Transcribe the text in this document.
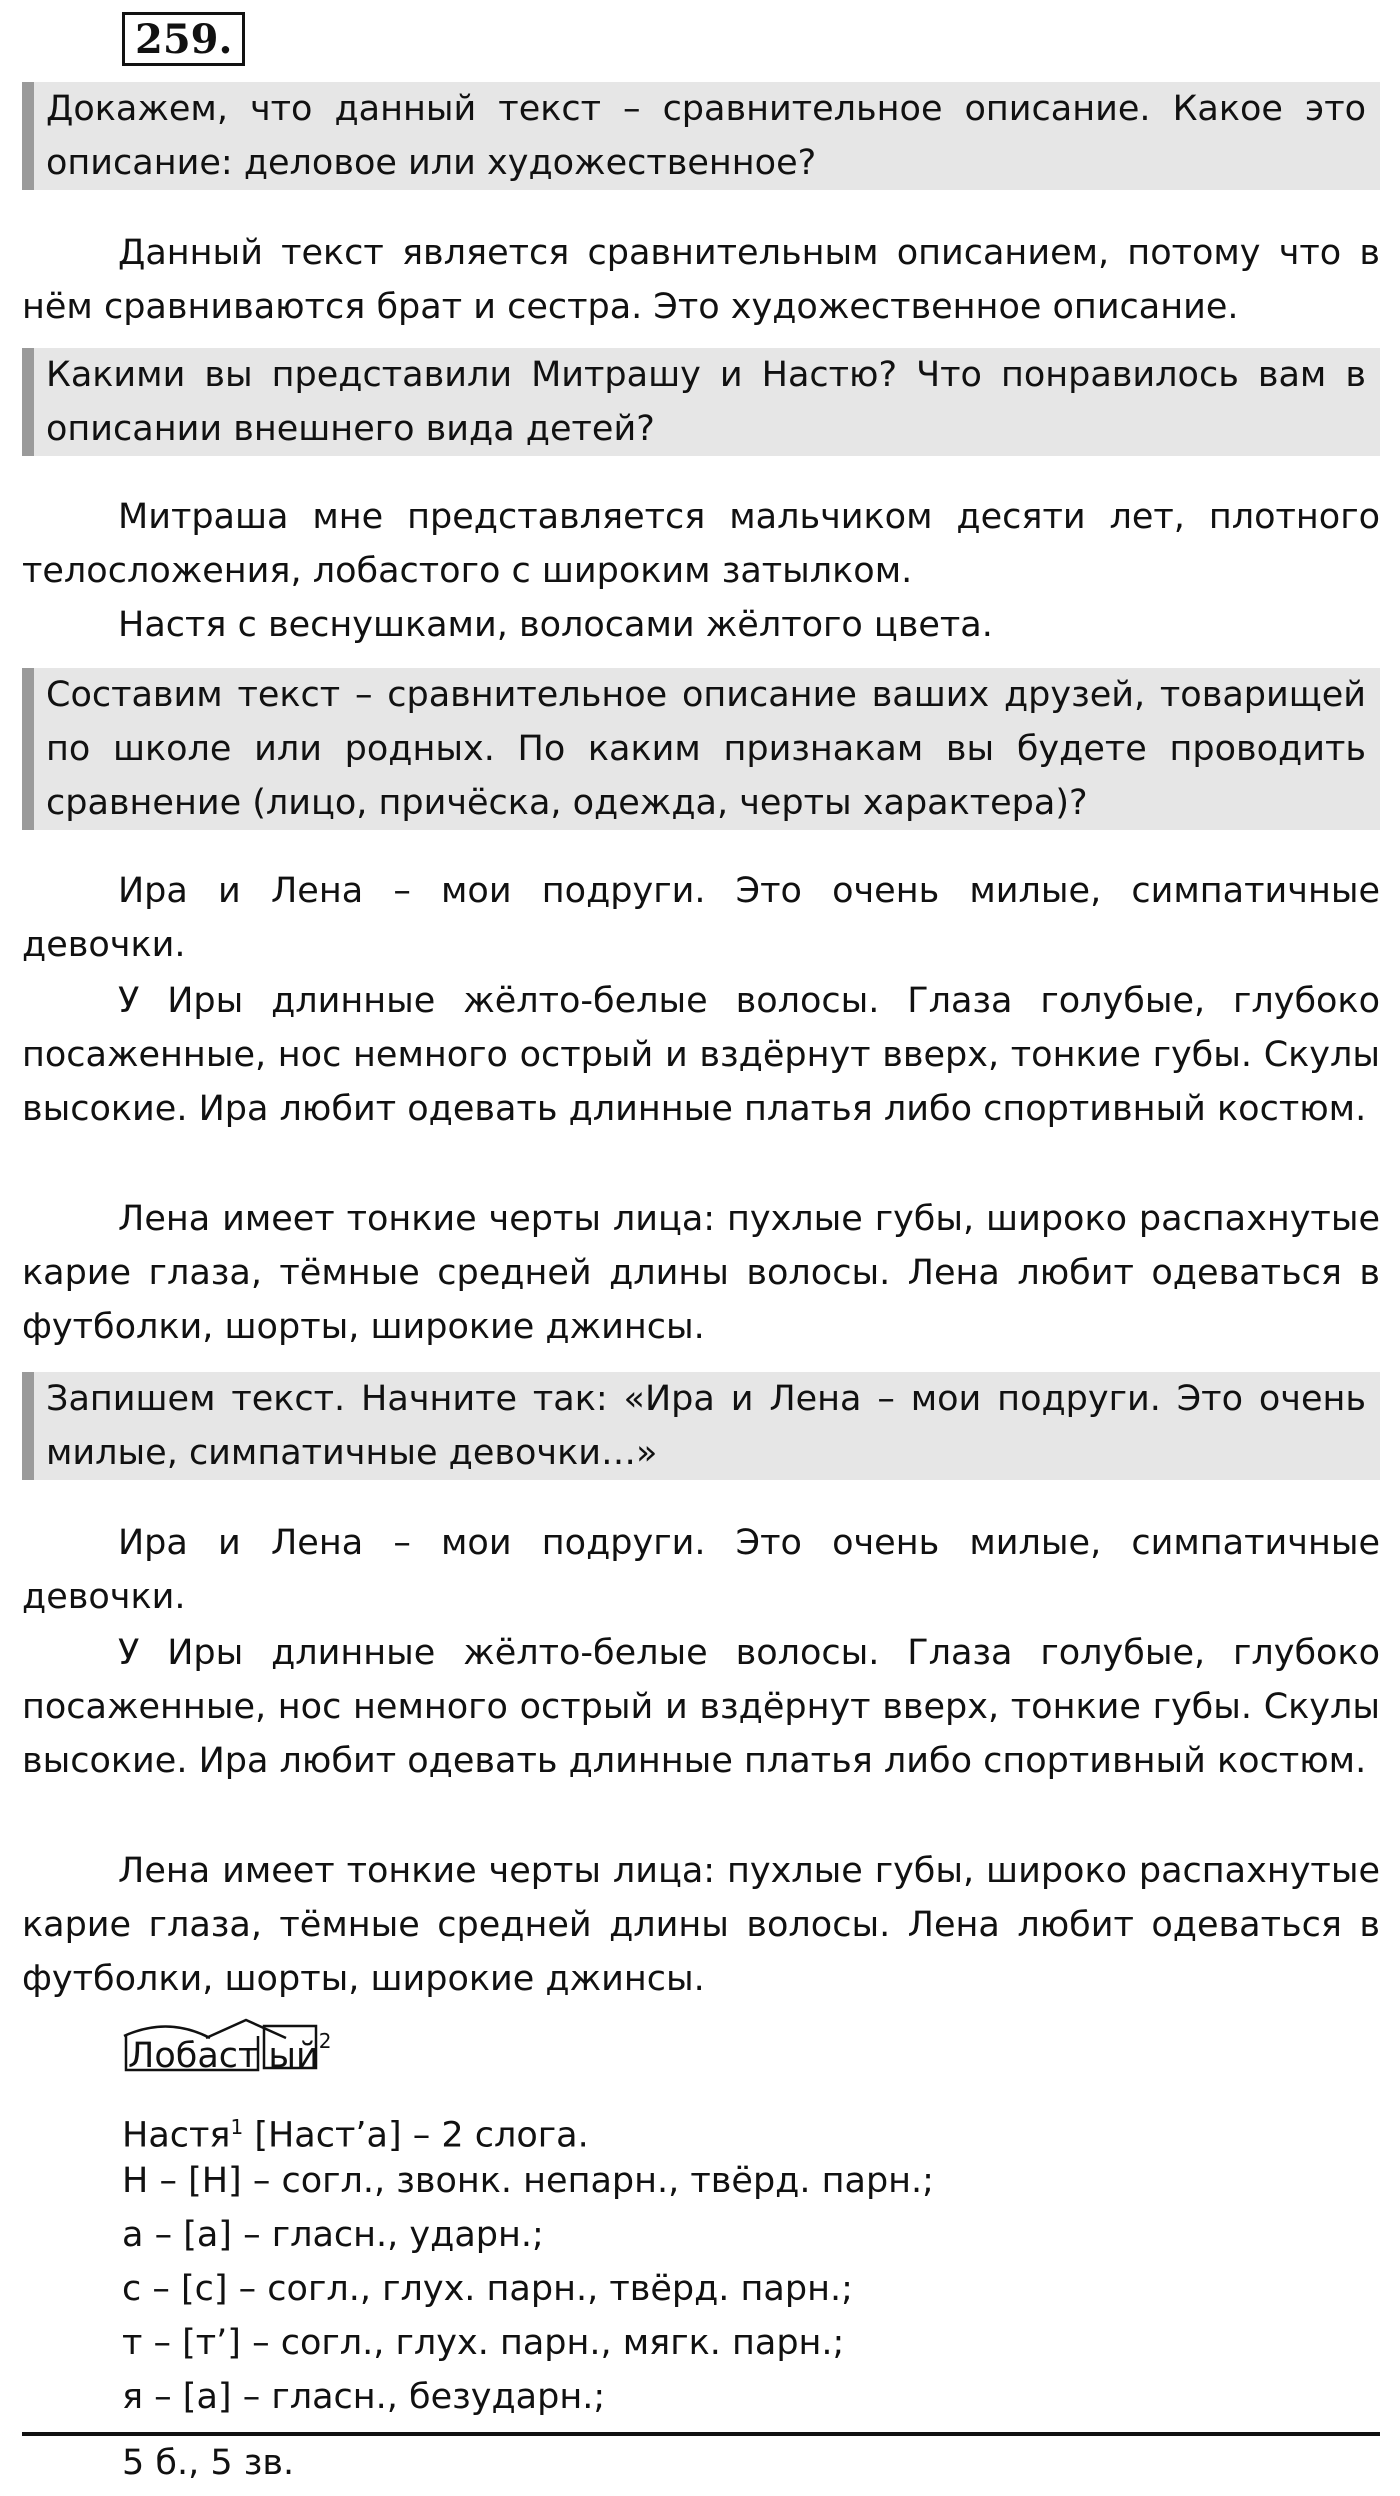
259.
Докажем, что данный текст – сравнительное описание. Какое это описание: деловое или художественное?

Данный текст является сравнительным описанием, потому что в нём сравниваются брат и сестра. Это художественное описание.

Какими вы представили Митрашу и Настю? Что понравилось вам в описании внешнего вида детей?

Митраша мне представляется мальчиком десяти лет, плотного телосложения, лобастого с широким затылком.

Настя с веснушками, волосами жёлтого цвета.

Составим текст – сравнительное описание ваших друзей, товарищей по школе или родных. По каким признакам вы будете проводить сравнение (лицо, причёска, одежда, черты характера)?

Ира и Лена – мои подруги. Это очень милые, симпатичные девочки.

У Иры длинные жёлто-белые волосы. Глаза голубые, глубоко посаженные, нос немного острый и вздёрнут вверх, тонкие губы. Скулы высокие. Ира любит одевать длинные платья либо спортивный костюм.

Лена имеет тонкие черты лица: пухлые губы, широко распахнутые карие глаза, тёмные средней длины волосы. Лена любит одеваться в футболки, шорты, широкие джинсы.

Запишем текст. Начните так: «Ира и Лена – мои подруги. Это очень милые, симпатичные девочки…»

Ира и Лена – мои подруги. Это очень милые, симпатичные девочки.

У Иры длинные жёлто-белые волосы. Глаза голубые, глубоко посаженные, нос немного острый и вздёрнут вверх, тонкие губы. Скулы высокие. Ира любит одевать длинные платья либо спортивный костюм.

Лена имеет тонкие черты лица: пухлые губы, широко распахнутые карие глаза, тёмные средней длины волосы. Лена любит одеваться в футболки, шорты, широкие джинсы.

Лобаст $ый^2$
Настя$^1$ [Наст’а] – 2 слога.
Н – [Н] – согл., звонк. непарн., твёрд. парн.;
а – [а] – гласн., ударн.;
с – [с] – согл., глух. парн., твёрд. парн.;
т – [т’] – согл., глух. парн., мягк. парн.;
я – [а] – гласн., безударн.;
5 б., 5 зв.
